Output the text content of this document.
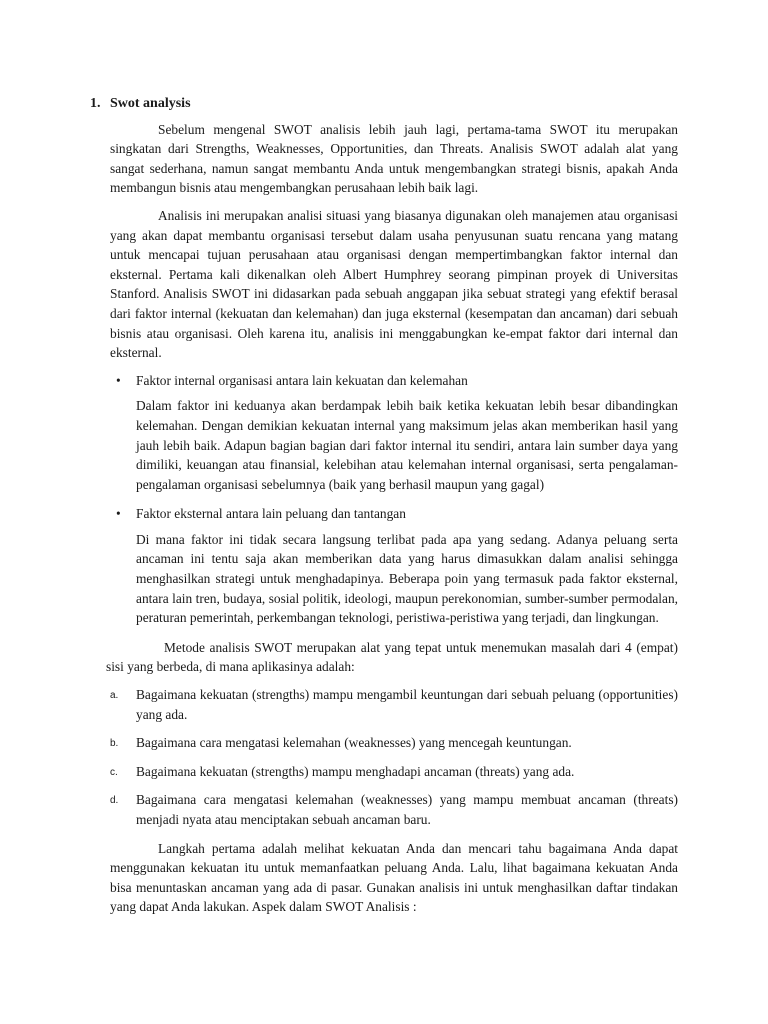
1. Swot analysis

Sebelum mengenal SWOT analisis lebih jauh lagi, pertama-tama SWOT itu merupakan singkatan dari Strengths, Weaknesses, Opportunities, dan Threats. Analisis SWOT adalah alat yang sangat sederhana, namun sangat membantu Anda untuk mengembangkan strategi bisnis, apakah Anda membangun bisnis atau mengembangkan perusahaan lebih baik lagi.

Analisis ini merupakan analisi situasi yang biasanya digunakan oleh manajemen atau organisasi yang akan dapat membantu organisasi tersebut dalam usaha penyusunan suatu rencana yang matang untuk mencapai tujuan perusahaan atau organisasi dengan mempertimbangkan faktor internal dan eksternal. Pertama kali dikenalkan oleh Albert Humphrey seorang pimpinan proyek di Universitas Stanford. Analisis SWOT ini didasarkan pada sebuah anggapan jika sebuat strategi yang efektif berasal dari faktor internal (kekuatan dan kelemahan) dan juga eksternal (kesempatan dan ancaman) dari sebuah bisnis atau organisasi. Oleh karena itu, analisis ini menggabungkan ke-empat faktor dari internal dan eksternal.

• Faktor internal organisasi antara lain kekuatan dan kelemahan

Dalam faktor ini keduanya akan berdampak lebih baik ketika kekuatan lebih besar dibandingkan kelemahan. Dengan demikian kekuatan internal yang maksimum jelas akan memberikan hasil yang jauh lebih baik. Adapun bagian bagian dari faktor internal itu sendiri, antara lain sumber daya yang dimiliki, keuangan atau finansial, kelebihan atau kelemahan internal organisasi, serta pengalaman-pengalaman organisasi sebelumnya (baik yang berhasil maupun yang gagal)

• Faktor eksternal antara lain peluang dan tantangan

Di mana faktor ini tidak secara langsung terlibat pada apa yang sedang. Adanya peluang serta ancaman ini tentu saja akan memberikan data yang harus dimasukkan dalam analisi sehingga menghasilkan strategi untuk menghadapinya. Beberapa poin yang termasuk pada faktor eksternal, antara lain tren, budaya, sosial politik, ideologi, maupun perekonomian, sumber-sumber permodalan, peraturan pemerintah, perkembangan teknologi, peristiwa-peristiwa yang terjadi, dan lingkungan.

Metode analisis SWOT merupakan alat yang tepat untuk menemukan masalah dari 4 (empat) sisi yang berbeda, di mana aplikasinya adalah:

a. Bagaimana kekuatan (strengths) mampu mengambil keuntungan dari sebuah peluang (opportunities) yang ada.
b. Bagaimana cara mengatasi kelemahan (weaknesses) yang mencegah keuntungan.
c. Bagaimana kekuatan (strengths) mampu menghadapi ancaman (threats) yang ada.
d. Bagaimana cara mengatasi kelemahan (weaknesses) yang mampu membuat ancaman (threats) menjadi nyata atau menciptakan sebuah ancaman baru.

Langkah pertama adalah melihat kekuatan Anda dan mencari tahu bagaimana Anda dapat menggunakan kekuatan itu untuk memanfaatkan peluang Anda. Lalu, lihat bagaimana kekuatan Anda bisa menuntaskan ancaman yang ada di pasar. Gunakan analisis ini untuk menghasilkan daftar tindakan yang dapat Anda lakukan. Aspek dalam SWOT Analisis :
